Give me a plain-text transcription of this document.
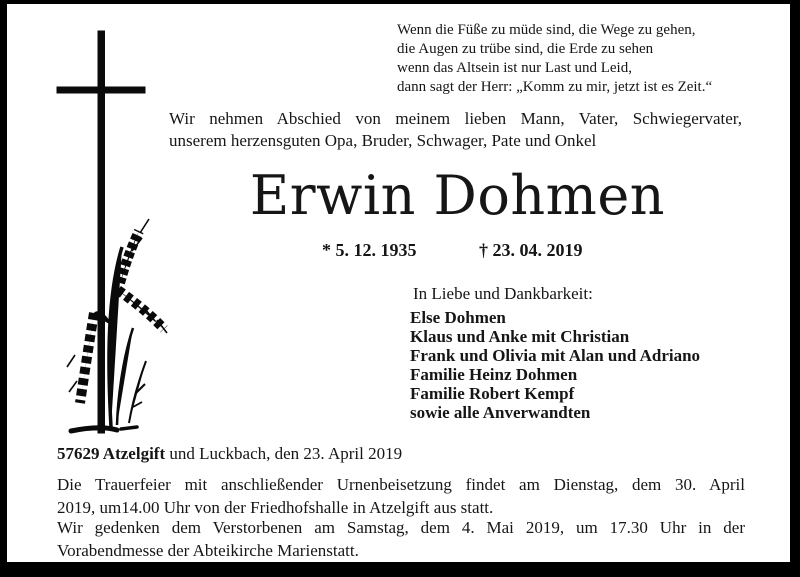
Wenn die Füße zu müde sind, die Wege zu gehen,
die Augen zu trübe sind, die Erde zu sehen
wenn das Altsein ist nur Last und Leid,
dann sagt der Herr: „Komm zu mir, jetzt ist es Zeit.“
Wir nehmen Abschied von meinem lieben Mann, Vater, Schwiegervater,
unserem herzensguten Opa, Bruder, Schwager, Pate und Onkel
Erwin Dohmen
* 5. 12. 1935	† 23. 04. 2019
In Liebe und Dankbarkeit:
Else Dohmen
Klaus und Anke mit Christian
Frank und Olivia mit Alan und Adriano
Familie Heinz Dohmen
Familie Robert Kempf
sowie alle Anverwandten
57629 Atzelgift und Luckbach, den 23. April 2019
Die Trauerfeier mit anschließender Urnenbeisetzung findet am Dienstag, dem 30. April
2019, um14.00 Uhr von der Friedhofshalle in Atzelgift aus statt.
Wir gedenken dem Verstorbenen am Samstag, dem 4. Mai 2019, um 17.30 Uhr in der
Vorabendmesse der Abteikirche Marienstatt.
